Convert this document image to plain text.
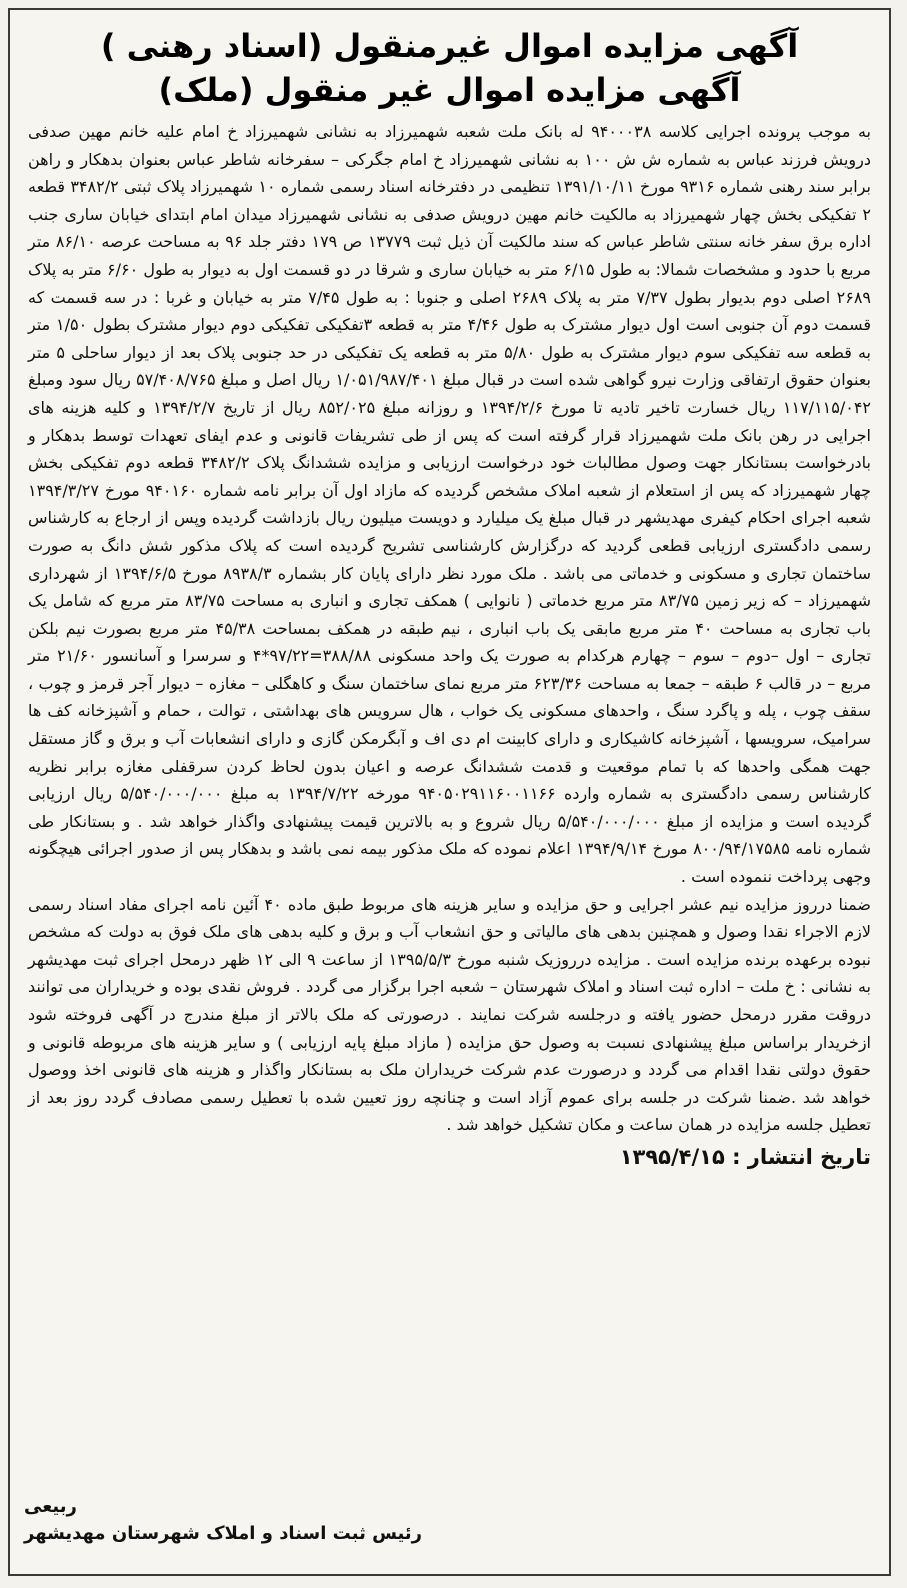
آگهی مزایده اموال غیرمنقول (اسناد رهنی )
آگهی مزایده اموال غیر منقول (ملک)

به موجب پرونده اجرایی کلاسه ۹۴۰۰۰۳۸ له بانک ملت شعبه شهمیرزاد به نشانی شهمیرزاد خ امام علیه خانم مهین صدفی درویش فرزند عباس به شماره ش ش ۱۰۰ به نشانی شهمیرزاد خ امام جگرکی – سفرخانه شاطر عباس بعنوان بدهکار و راهن برابر سند رهنی شماره ۹۳۱۶ مورخ ۱۳۹۱/۱۰/۱۱ تنظیمی در دفترخانه اسناد رسمی شماره ۱۰ شهمیرزاد پلاک ثبتی ۳۴۸۲/۲ قطعه ۲ تفکیکی بخش چهار شهمیرزاد به مالکیت خانم مهین درویش صدفی به نشانی شهمیرزاد میدان امام ابتدای خیابان ساری جنب اداره برق سفر خانه سنتی شاطر عباس که سند مالکیت آن ذیل ثبت ۱۳۷۷۹ ص ۱۷۹ دفتر جلد ۹۶ به مساحت عرصه ۸۶/۱۰ متر مربع با حدود و مشخصات شمالا: به طول ۶/۱۵ متر به خیابان ساری و شرقا در دو قسمت اول به دیوار به طول ۶/۶۰ متر به پلاک ۲۶۸۹ اصلی دوم بدیوار بطول ۷/۳۷ متر به پلاک ۲۶۸۹ اصلی و جنوبا : به طول ۷/۴۵ متر به خیابان و غربا : در سه قسمت که قسمت دوم آن جنوبی است اول دیوار مشترک به طول ۴/۴۶ متر به قطعه ۳تفکیکی تفکیکی دوم دیوار مشترک بطول ۱/۵۰ متر به قطعه سه تفکیکی سوم دیوار مشترک به طول ۵/۸۰ متر به قطعه یک تفکیکی در حد جنوبی پلاک بعد از دیوار ساحلی ۵ متر بعنوان حقوق ارتفاقی وزارت نیرو گواهی شده است در قبال مبلغ ۱/۰۵۱/۹۸۷/۴۰۱ ریال اصل و مبلغ ۵۷/۴۰۸/۷۶۵ ریال سود ومبلغ ۱۱۷/۱۱۵/۰۴۲ ریال خسارت تاخیر تادیه تا مورخ ۱۳۹۴/۲/۶ و روزانه مبلغ ۸۵۲/۰۲۵ ریال از تاریخ ۱۳۹۴/۲/۷ و کلیه هزینه های اجرایی در رهن بانک ملت شهمیرزاد قرار گرفته است که پس از طی تشریفات قانونی و عدم ایفای تعهدات توسط بدهکار و بادرخواست بستانکار جهت وصول مطالبات خود درخواست ارزیابی و مزایده ششدانگ پلاک ۳۴۸۲/۲ قطعه دوم تفکیکی بخش چهار شهمیرزاد که پس از استعلام از شعبه املاک مشخص گردیده که مازاد اول آن برابر نامه شماره ۹۴۰۱۶۰ مورخ ۱۳۹۴/۳/۲۷ شعبه اجرای احکام کیفری مهدیشهر در قبال مبلغ یک میلیارد و دویست میلیون ریال بازداشت گردیده وپس از ارجاع به کارشناس رسمی دادگستری ارزیابی قطعی گردید که درگزارش کارشناسی تشریح گردیده است که پلاک مذکور شش دانگ به صورت ساختمان تجاری و مسکونی و خدماتی می باشد . ملک مورد نظر دارای پایان کار بشماره ۸۹۳۸/۳ مورخ ۱۳۹۴/۶/۵ از شهرداری شهمیرزاد – که زیر زمین ۸۳/۷۵ متر مربع خدماتی ( نانوایی ) همکف تجاری و انباری به مساحت ۸۳/۷۵ متر مربع که شامل یک باب تجاری به مساحت ۴۰ متر مربع مابقی یک باب انباری ، نیم طبقه در همکف بمساحت ۴۵/۳۸ متر مربع بصورت نیم بلکن تجاری – اول –دوم – سوم – چهارم هرکدام به صورت یک واحد مسکونی ۳۸۸/۸۸=۹۷/۲۲*۴ و سرسرا و آسانسور ۲۱/۶۰ متر مربع – در قالب ۶ طبقه – جمعا به مساحت ۶۲۳/۳۶ متر مربع نمای ساختمان سنگ و کاهگلی – مغازه – دیوار آجر قرمز و چوب ، سقف چوب ، پله و پاگرد سنگ ، واحدهای مسکونی یک خواب ، هال سرویس های بهداشتی ، توالت ، حمام و آشپزخانه کف ها سرامیک، سرویسها ، آشپزخانه کاشیکاری و دارای کابینت ام دی اف و آبگرمکن گازی و دارای انشعابات آب و برق و گاز مستقل جهت همگی واحدها که با تمام موقعیت و قدمت ششدانگ عرصه و اعیان بدون لحاظ کردن سرقفلی مغازه برابر نظریه کارشناس رسمی دادگستری به شماره وارده ۹۴۰۵۰۲۹۱۱۶۰۰۱۱۶۶ مورخه ۱۳۹۴/۷/۲۲ به مبلغ ۵/۵۴۰/۰۰۰/۰۰۰ ریال ارزیابی گردیده است و مزایده از مبلغ ۵/۵۴۰/۰۰۰/۰۰۰ ریال شروع و به بالاترین قیمت پیشنهادی واگذار خواهد شد . و بستانکار طی شماره نامه ۸۰۰/۹۴/۱۷۵۸۵ مورخ ۱۳۹۴/۹/۱۴ اعلام نموده که ملک مذکور بیمه نمی باشد و بدهکار پس از صدور اجرائی هیچگونه وجهی پرداخت ننموده است .

ضمنا درروز مزایده نیم عشر اجرایی و حق مزایده و سایر هزینه های مربوط طبق ماده ۴۰ آئین نامه اجرای مفاد اسناد رسمی لازم الاجراء نقدا وصول و همچنین بدهی های مالیاتی و حق انشعاب آب و برق و کلیه بدهی های ملک فوق به دولت که مشخص نبوده برعهده برنده مزایده است . مزایده درروزیک شنبه مورخ ۱۳۹۵/۵/۳ از ساعت ۹ الی ۱۲ ظهر درمحل اجرای ثبت مهدیشهر به نشانی : خ ملت – اداره ثبت اسناد و املاک شهرستان – شعبه اجرا برگزار می گردد . فروش نقدی بوده و خریداران می توانند دروقت مقرر درمحل حضور یافته و درجلسه شرکت نمایند . درصورتی که ملک بالاتر از مبلغ مندرج در آگهی فروخته شود ازخریدار براساس مبلغ پیشنهادی نسبت به وصول حق مزایده ( مازاد مبلغ پایه ارزیابی ) و سایر هزینه های مربوطه قانونی و حقوق دولتی نقدا اقدام می گردد و درصورت عدم شرکت خریداران ملک به بستانکار واگذار و هزینه های قانونی اخذ ووصول خواهد شد .ضمنا شرکت در جلسه برای عموم آزاد است و چنانچه روز تعیین شده با تعطیل رسمی مصادف گردد روز بعد از تعطیل جلسه مزایده در همان ساعت و مکان تشکیل خواهد شد .

تاریخ انتشار : ۱۳۹۵/۴/۱۵
ربیعی
رئیس ثبت اسناد و املاک شهرستان مهدیشهر
